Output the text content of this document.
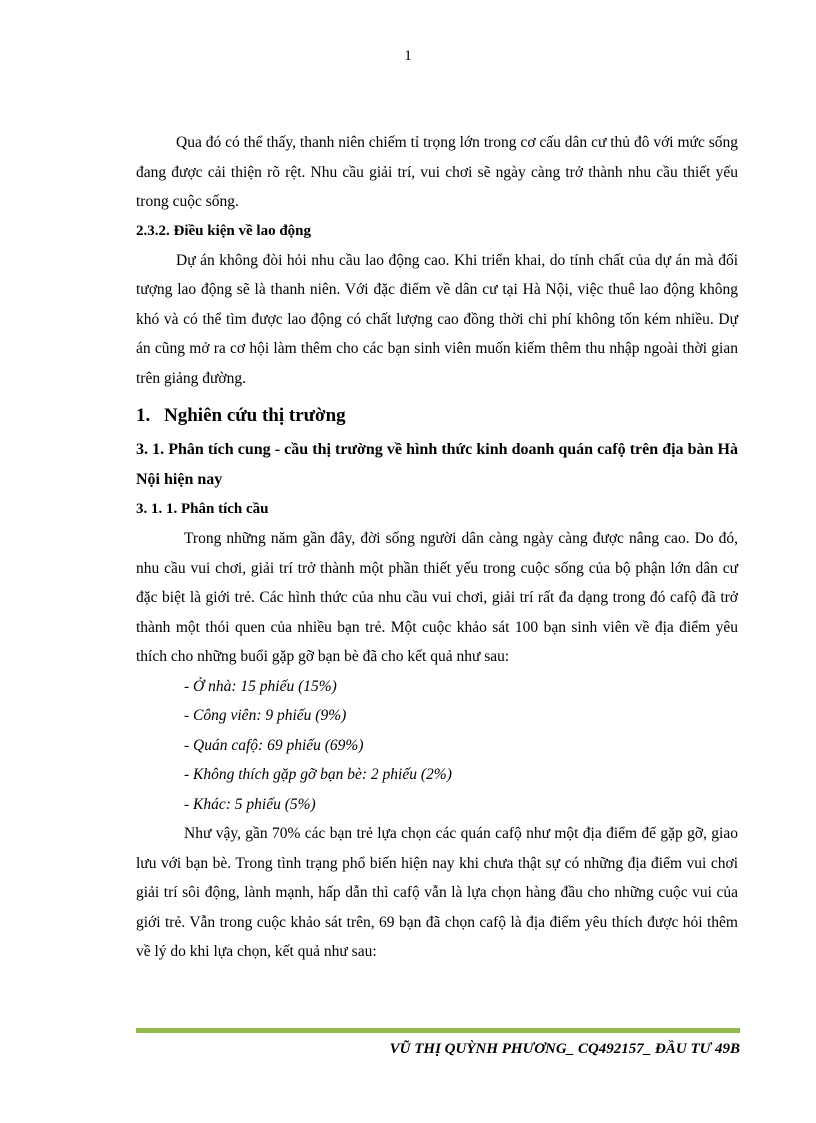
1

Qua đó có thể thấy, thanh niên chiếm tỉ trọng lớn trong cơ cấu dân cư thủ đô với mức sống đang được cải thiện rõ rệt. Nhu cầu giải trí, vui chơi sẽ ngày càng trở thành nhu cầu thiết yếu trong cuộc sống.

2.3.2. Điều kiện về lao động

Dự án không đòi hỏi nhu cầu lao động cao. Khi triển khai, do tính chất của dự án mà đối tượng lao động sẽ là thanh niên. Với đặc điểm về dân cư tại Hà Nội, việc thuê lao động không khó và có thể tìm được lao động có chất lượng cao đồng thời chi phí không tốn kém nhiều. Dự án cũng mở ra cơ hội làm thêm cho các bạn sinh viên muốn kiếm thêm thu nhập ngoài thời gian trên giảng đường.

1. Nghiên cứu thị trường

3. 1. Phân tích cung - cầu thị trường về hình thức kinh doanh quán cafộ trên địa bàn Hà Nội hiện nay

3. 1. 1. Phân tích cầu

Trong những năm gần đây, đời sống người dân càng ngày càng được nâng cao. Do đó, nhu cầu vui chơi, giải trí trở thành một phần thiết yếu trong cuộc sống của bộ phận lớn dân cư đặc biệt là giới trẻ. Các hình thức của nhu cầu vui chơi, giải trí rất đa dạng trong đó cafộ đã trở thành một thói quen của nhiều bạn trẻ. Một cuộc khảo sát 100 bạn sinh viên về địa điểm yêu thích cho những buổi gặp gỡ bạn bè đã cho kết quả như sau:

- Ở nhà: 15 phiếu (15%)
- Công viên: 9 phiếu (9%)
- Quán cafộ: 69 phiếu (69%)
- Không thích gặp gỡ bạn bè: 2 phiếu (2%)
- Khác: 5 phiếu (5%)

Như vậy, gần 70% các bạn trẻ lựa chọn các quán cafộ như một địa điểm để gặp gỡ, giao lưu với bạn bè. Trong tình trạng phổ biến hiện nay khi chưa thật sự có những địa điểm vui chơi giải trí sôi động, lành mạnh, hấp dẫn thì cafộ vẫn là lựa chọn hàng đầu cho những cuộc vui của giới trẻ. Vẫn trong cuộc khảo sát trên, 69 bạn đã chọn cafộ là địa điểm yêu thích được hỏi thêm về lý do khi lựa chọn, kết quả như sau:

VŨ THỊ QUỲNH PHƯƠNG_ CQ492157_ ĐẦU TƯ 49B
